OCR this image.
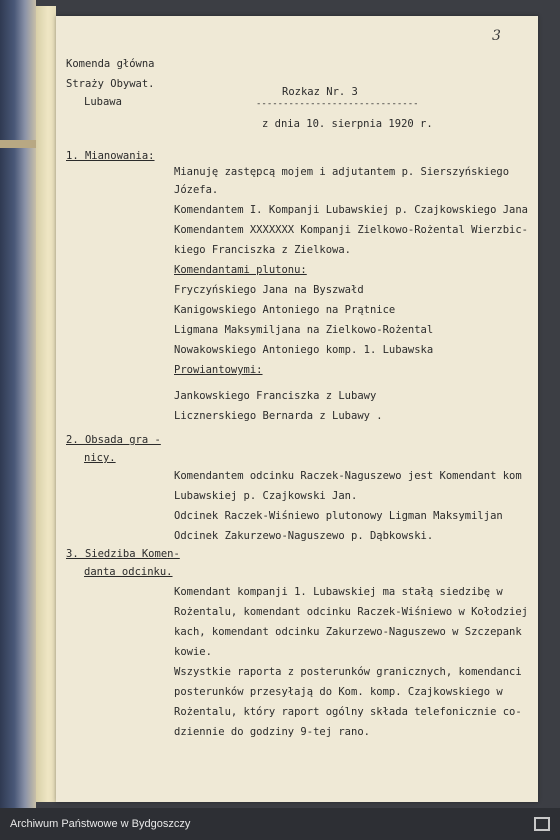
3
Komenda główna
Straży Obywat.
Lubawa
Rozkaz Nr. 3
------------------------------
z dnia 10. sierpnia 1920 r.
1. Mianowania:
Mianuję zastępcą mojem i adjutantem p. Sierszyńskiego
Józefa.
Komendantem I. Kompanji Lubawskiej p. Czajkowskiego Jana
Komendantem XXXXXXX Kompanji Zielkowo-Rożental Wierzbic-
kiego Franciszka z Zielkowa.
Komendantami plutonu:
Fryczyńskiego Jana na Byszwałd
Kanigowskiego Antoniego na Prątnice
Ligmana Maksymiljana na Zielkowo-Rożental
Nowakowskiego Antoniego komp. 1. Lubawska
Prowiantowymi:
Jankowskiego Franciszka z Lubawy
Licznerskiego Bernarda z Lubawy .
2. Obsada gra -
nicy.
Komendantem odcinku Raczek-Naguszewo jest Komendant kom
Lubawskiej p. Czajkowski Jan.
Odcinek Raczek-Wiśniewo plutonowy Ligman Maksymiljan
Odcinek Zakurzewo-Naguszewo p. Dąbkowski.
3. Siedziba Komen-
danta odcinku.
Komendant kompanji 1. Lubawskiej ma stałą siedzibę w
Rożentalu, komendant odcinku Raczek-Wiśniewo w Kołodziej
kach, komendant odcinku Zakurzewo-Naguszewo w Szczepank
kowie.
Wszystkie raporta z posterunków granicznych, komendanci
posterunków przesyłają do Kom. komp. Czajkowskiego w
Rożentalu, który raport ogólny składa telefonicznie co-
dziennie do godziny 9-tej rano.
Archiwum Państwowe w Bydgoszczy
